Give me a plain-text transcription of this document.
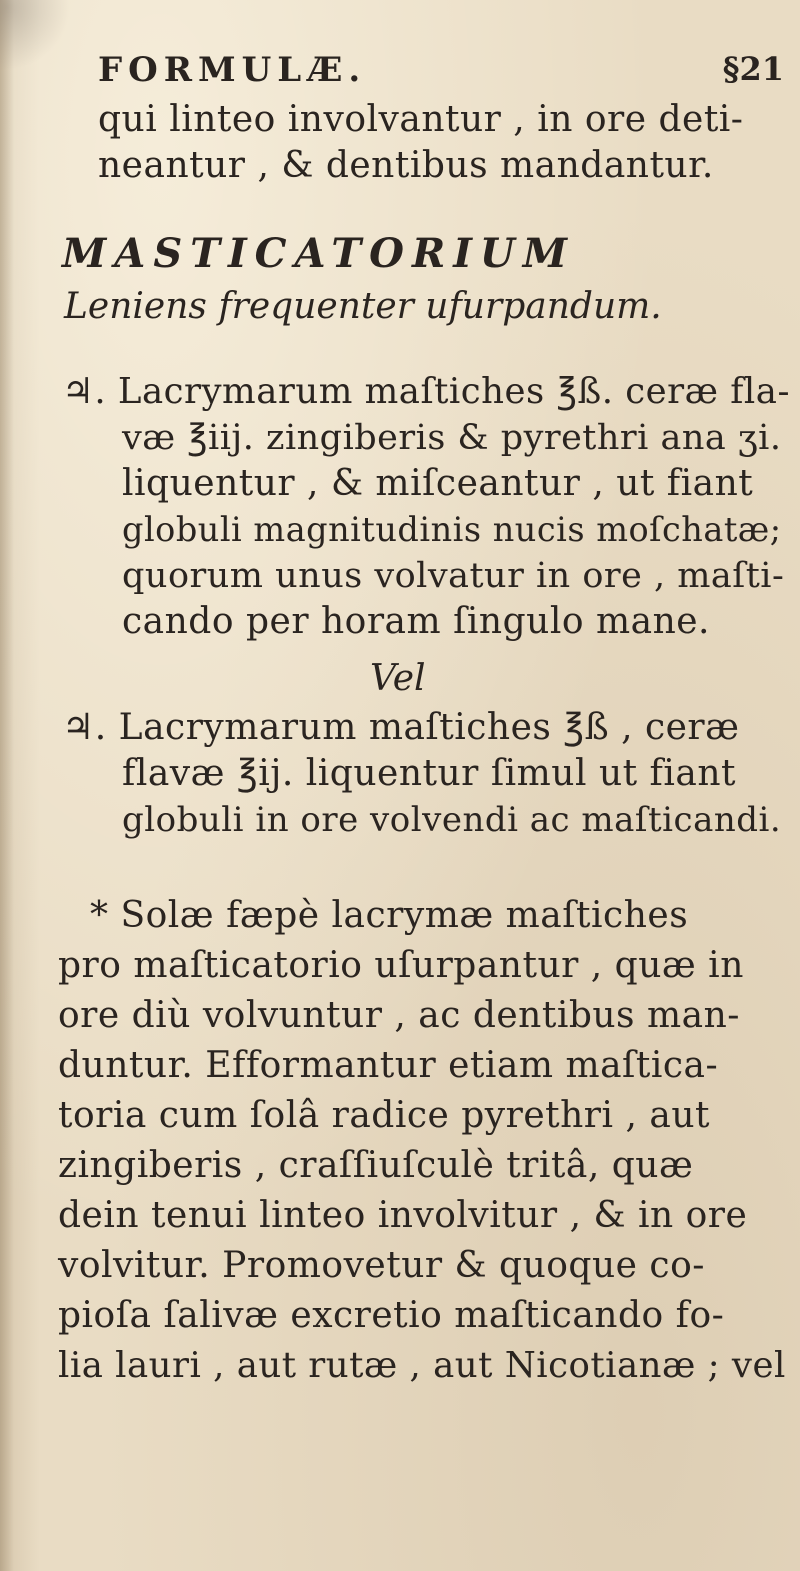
FORMULÆ.	§21
qui linteo involvantur , in ore deti-
neantur , & dentibus mandantur.
MASTICATORIUM
Leniens frequenter ufurpandum.
♃. Lacrymarum maſtiches ℥ß. ceræ fla-
væ ℥iij. zingiberis & pyrethri ana ʒi.
liquentur , & miſceantur , ut fiant
globuli magnitudinis nucis moſchatæ;
quorum unus volvatur in ore , maſti-
cando per horam ſingulo mane.
Vel
♃. Lacrymarum maſtiches ℥ß , ceræ
flavæ ℥ij. liquentur ſimul ut fiant
globuli in ore volvendi ac maſticandi.
* Solæ fæpè lacrymæ maſtiches
pro maſticatorio uſurpantur , quæ in
ore diù volvuntur , ac dentibus man-
duntur. Efformantur etiam maſtica-
toria cum ſolâ radice pyrethri , aut
zingiberis , craſſiuſculè tritâ, quæ
dein tenui linteo involvitur , & in ore
volvitur. Promovetur & quoque co-
pioſa ſalivæ excretio maſticando fo-
lia lauri , aut rutæ , aut Nicotianæ ; vel
